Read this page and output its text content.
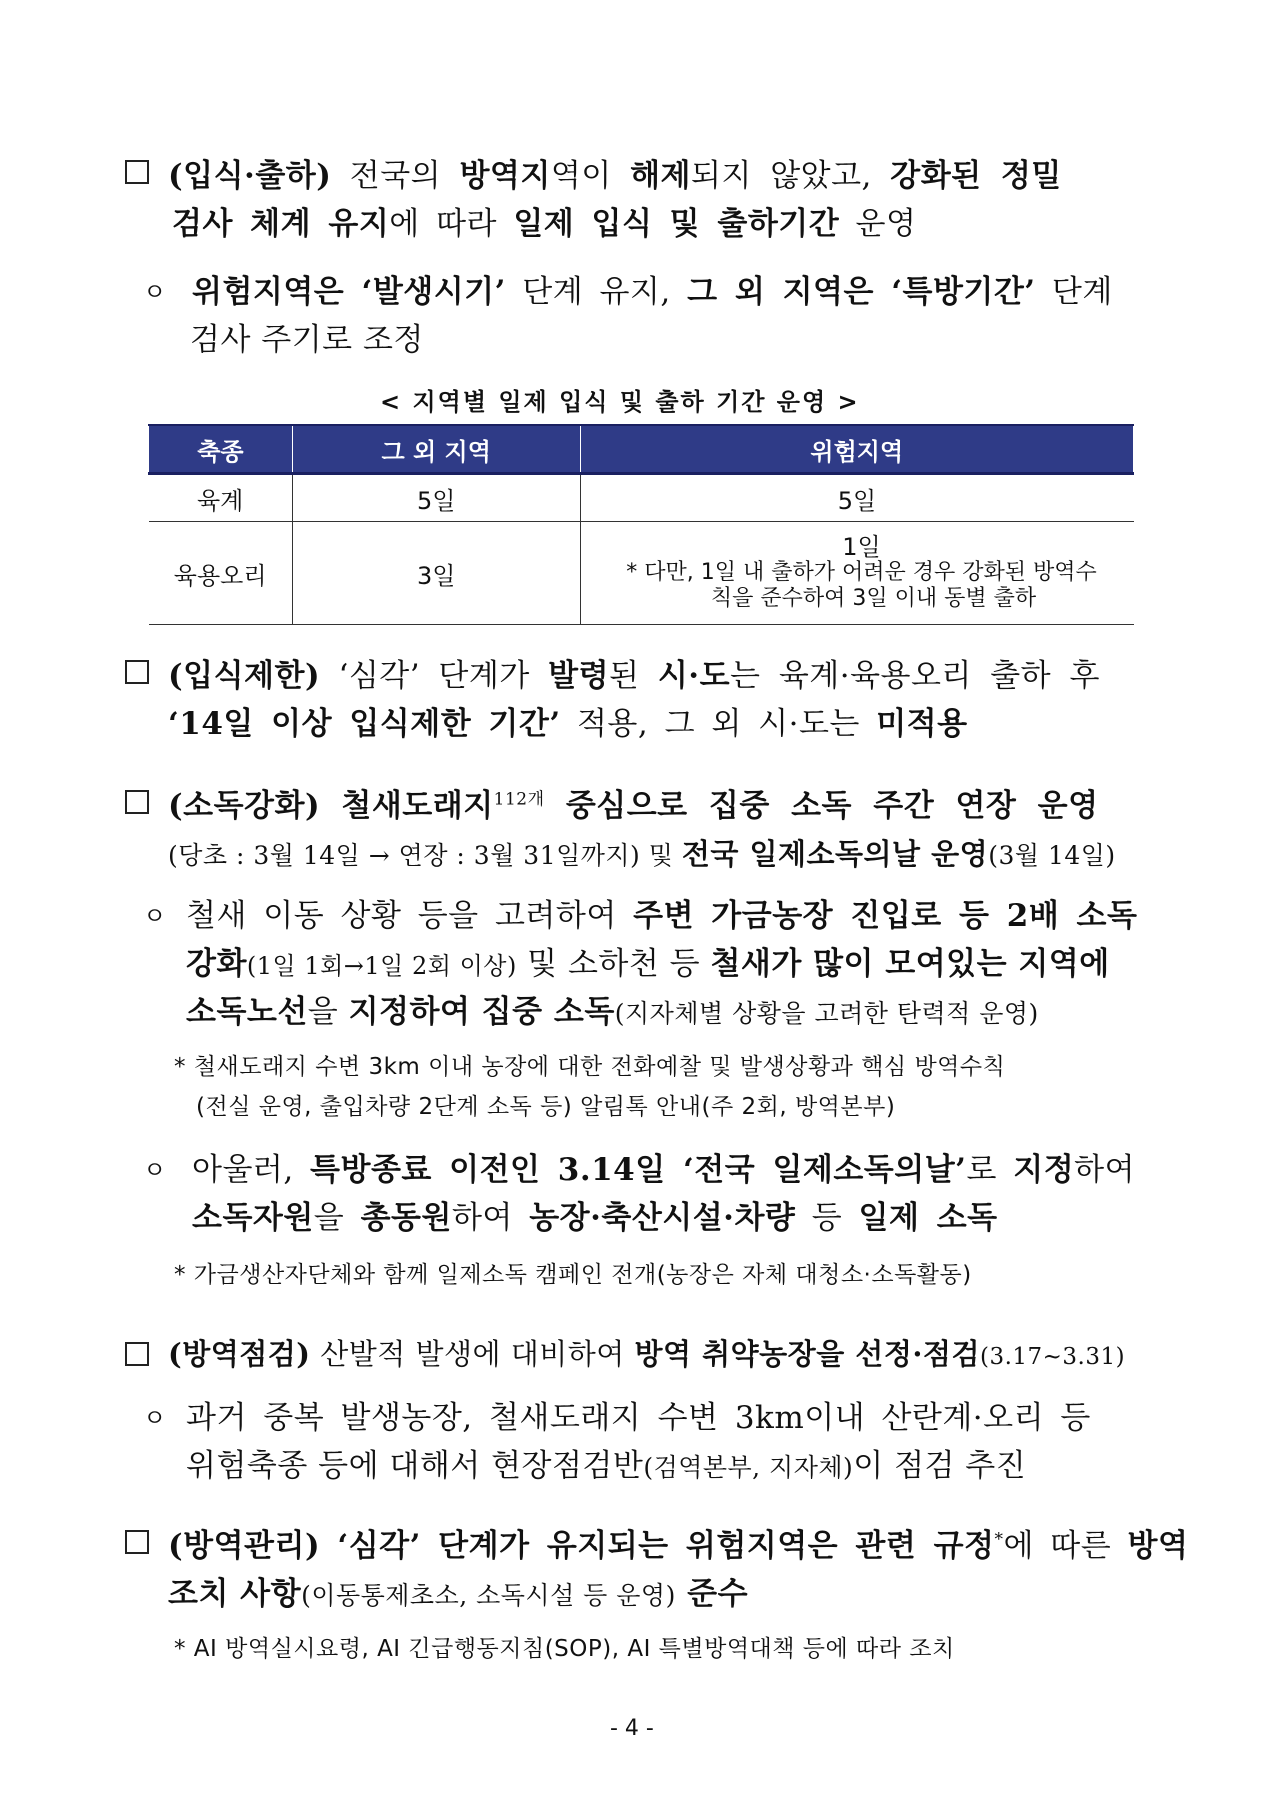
(입식·출하) 전국의 방역지역이 해제되지 않았고, 강화된 정밀
검사 체계 유지에 따라 일제 입식 및 출하기간 운영
ㅇ 위험지역은 ‘발생시기’ 단계 유지, 그 외 지역은 ‘특방기간’ 단계
검사 주기로 조정
< 지역별 일제 입식 및 출하 기간 운영 >
축종	그 외 지역	위험지역
육계	5일	5일
육용오리	3일	1일
* 다만, 1일 내 출하가 어려운 경우 강화된 방역수
칙을 준수하여 3일 이내 동별 출하
(입식제한) ‘심각’ 단계가 발령된 시·도는 육계·육용오리 출하 후
‘14일 이상 입식제한 기간’ 적용, 그 외 시·도는 미적용
(소독강화) 철새도래지$^{112개}$ 중심으로 집중 소독 주간 연장 운영
(당초 : 3월 14일 → 연장 : 3월 31일까지) 및 전국 일제소독의날 운영(3월 14일)
ㅇ 철새 이동 상황 등을 고려하여 주변 가금농장 진입로 등 2배 소독
강화(1일 1회→1일 2회 이상) 및 소하천 등 철새가 많이 모여있는 지역에
소독노선을 지정하여 집중 소독(지자체별 상황을 고려한 탄력적 운영)
* 철새도래지 수변 3km 이내 농장에 대한 전화예찰 및 발생상황과 핵심 방역수칙
(전실 운영, 출입차량 2단계 소독 등) 알림톡 안내(주 2회, 방역본부)
ㅇ 아울러, 특방종료 이전인 3.14일 ‘전국 일제소독의날’로 지정하여
소독자원을 총동원하여 농장·축산시설·차량 등 일제 소독
* 가금생산자단체와 함께 일제소독 캠페인 전개(농장은 자체 대청소·소독활동)
(방역점검) 산발적 발생에 대비하여 방역 취약농장을 선정·점검(3.17~3.31)
ㅇ 과거 중복 발생농장, 철새도래지 수변 3km이내 산란계·오리 등
위험축종 등에 대해서 현장점검반(검역본부, 지자체)이 점검 추진
(방역관리) ‘심각’ 단계가 유지되는 위험지역은 관련 규정*에 따른 방역
조치 사항(이동통제초소, 소독시설 등 운영) 준수
* AI 방역실시요령, AI 긴급행동지침(SOP), AI 특별방역대책 등에 따라 조치
- 4 -
